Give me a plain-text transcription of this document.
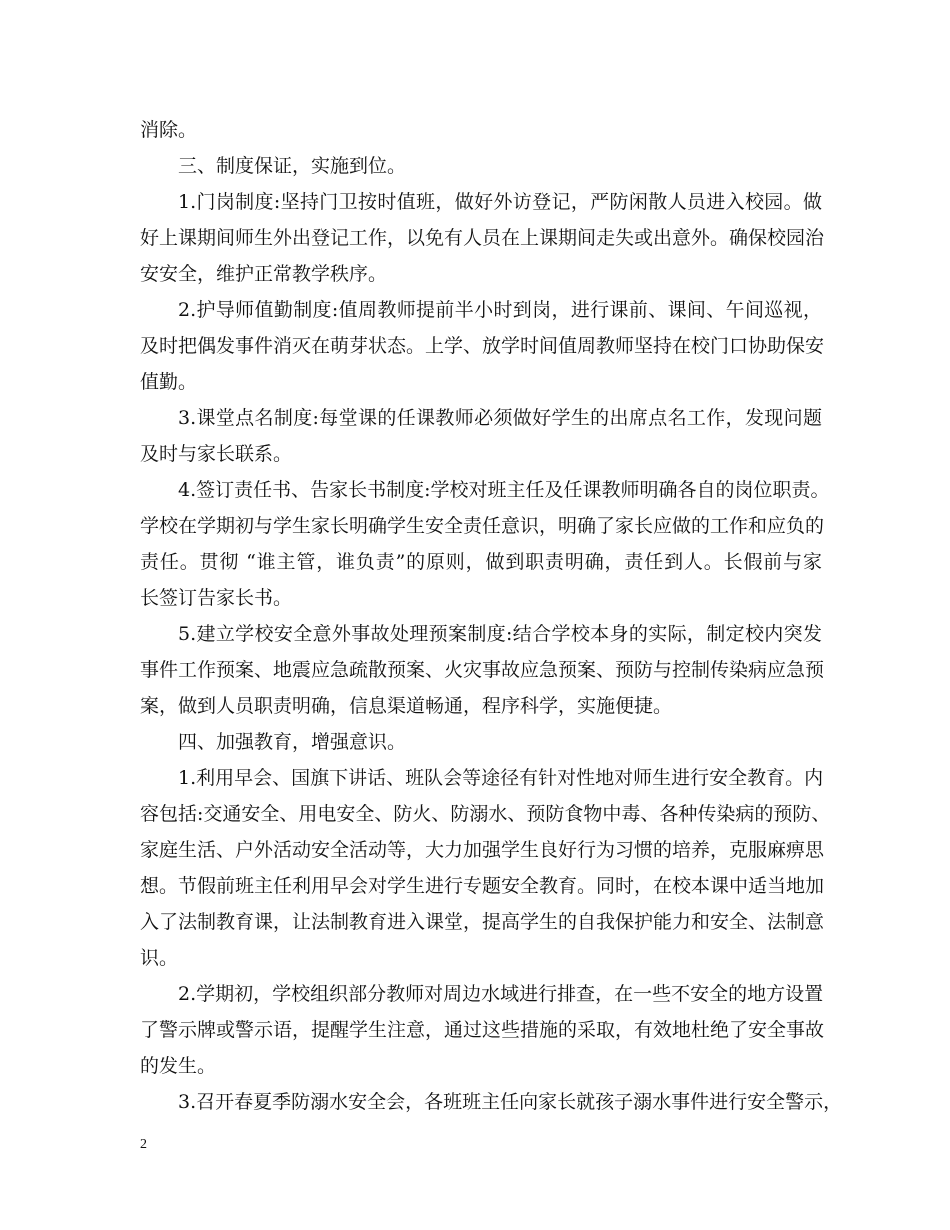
消除。
三、制度保证，实施到位。
1.门岗制度:坚持门卫按时值班，做好外访登记，严防闲散人员进入校园。做
好上课期间师生外出登记工作，以免有人员在上课期间走失或出意外。确保校园治
安安全，维护正常教学秩序。
2.护导师值勤制度:值周教师提前半小时到岗，进行课前、课间、午间巡视，
及时把偶发事件消灭在萌芽状态。上学、放学时间值周教师坚持在校门口协助保安
值勤。
3.课堂点名制度:每堂课的任课教师必须做好学生的出席点名工作，发现问题
及时与家长联系。
4.签订责任书、告家长书制度:学校对班主任及任课教师明确各自的岗位职责。
学校在学期初与学生家长明确学生安全责任意识，明确了家长应做的工作和应负的
责任。贯彻 “谁主管，谁负责”的原则，做到职责明确，责任到人。长假前与家
长签订告家长书。
5.建立学校安全意外事故处理预案制度:结合学校本身的实际，制定校内突发
事件工作预案、地震应急疏散预案、火灾事故应急预案、预防与控制传染病应急预
案，做到人员职责明确，信息渠道畅通，程序科学，实施便捷。
四、加强教育，增强意识。
1.利用早会、国旗下讲话、班队会等途径有针对性地对师生进行安全教育。内
容包括:交通安全、用电安全、防火、防溺水、预防食物中毒、各种传染病的预防、
家庭生活、户外活动安全活动等，大力加强学生良好行为习惯的培养，克服麻痹思
想。节假前班主任利用早会对学生进行专题安全教育。同时，在校本课中适当地加
入了法制教育课，让法制教育进入课堂，提高学生的自我保护能力和安全、法制意
识。
2.学期初，学校组织部分教师对周边水域进行排查，在一些不安全的地方设置
了警示牌或警示语，提醒学生注意，通过这些措施的采取，有效地杜绝了安全事故
的发生。
3.召开春夏季防溺水安全会，各班班主任向家长就孩子溺水事件进行安全警示，
2
